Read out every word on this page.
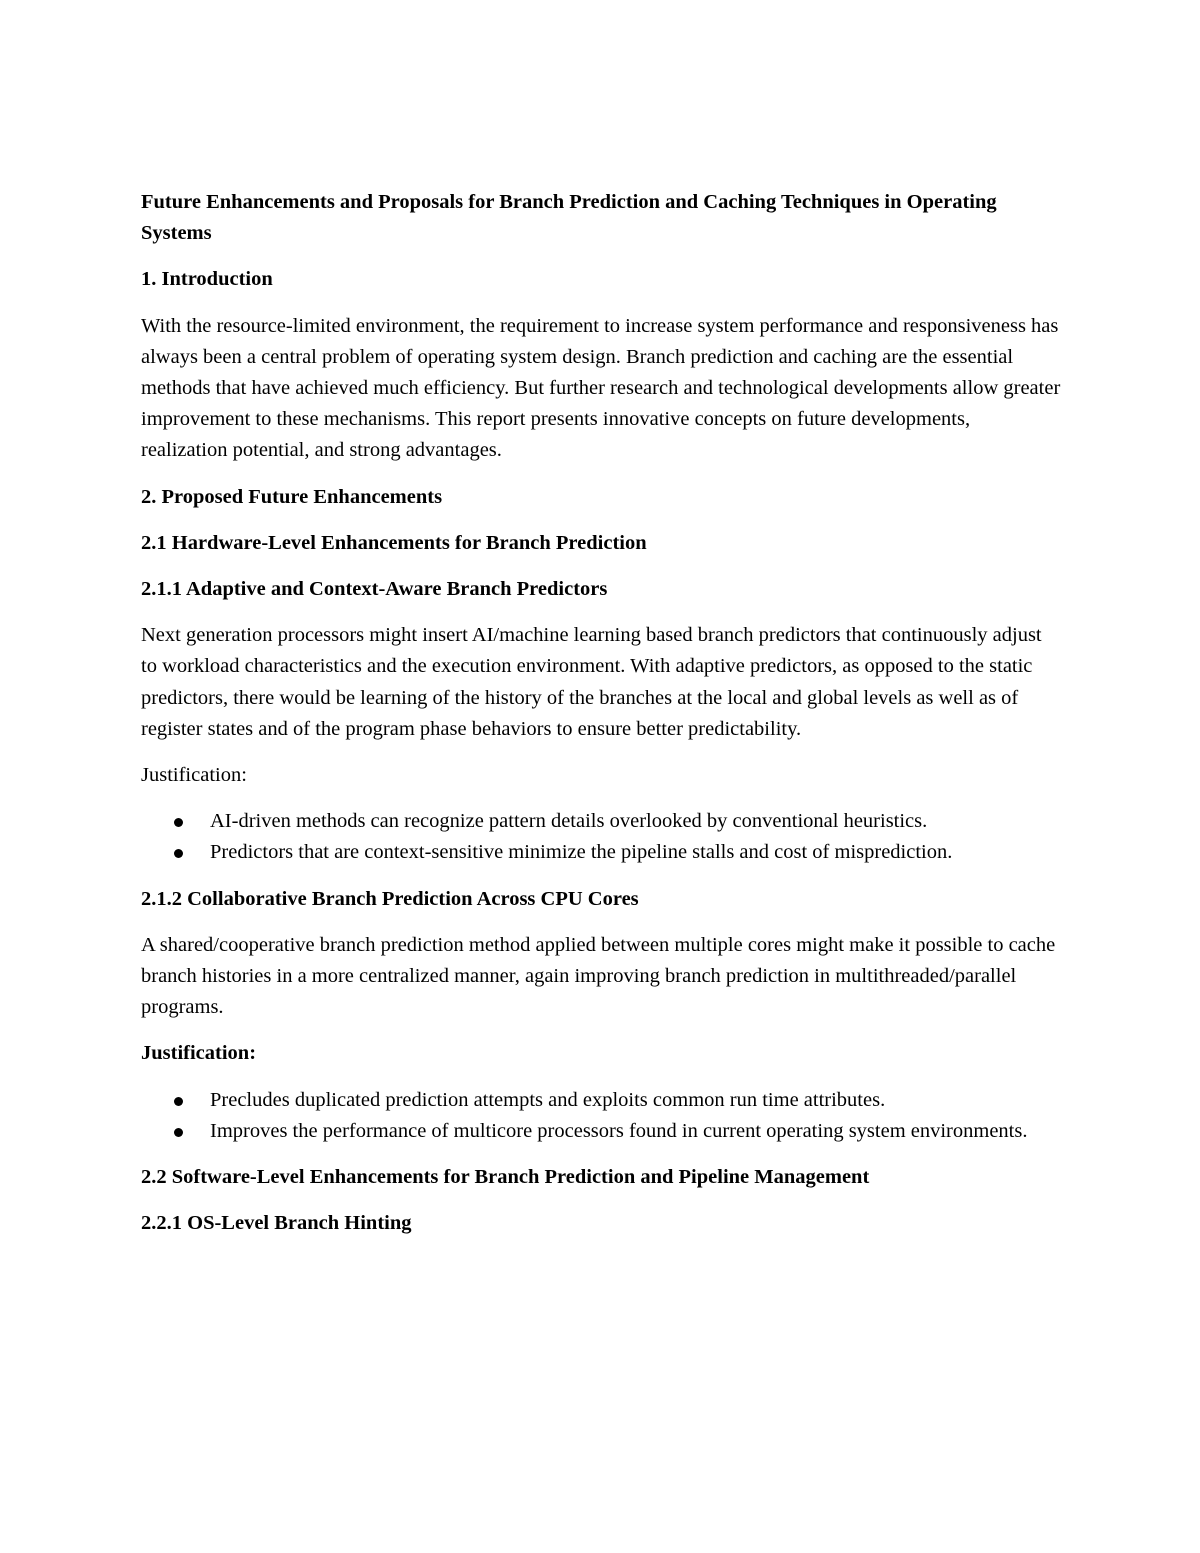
Future Enhancements and Proposals for Branch Prediction and Caching Techniques in Operating Systems
1. Introduction

With the resource-limited environment, the requirement to increase system performance and responsiveness has always been a central problem of operating system design. Branch prediction and caching are the essential methods that have achieved much efficiency. But further research and technological developments allow greater improvement to these mechanisms. This report presents innovative concepts on future developments, realization potential, and strong advantages.

2. Proposed Future Enhancements
2.1 Hardware-Level Enhancements for Branch Prediction
2.1.1 Adaptive and Context-Aware Branch Predictors

Next generation processors might insert AI/machine learning based branch predictors that continuously adjust to workload characteristics and the execution environment. With adaptive predictors, as opposed to the static predictors, there would be learning of the history of the branches at the local and global levels as well as of register states and of the program phase behaviors to ensure better predictability.

Justification:

AI-driven methods can recognize pattern details overlooked by conventional heuristics.
Predictors that are context-sensitive minimize the pipeline stalls and cost of misprediction.
2.1.2 Collaborative Branch Prediction Across CPU Cores

A shared/cooperative branch prediction method applied between multiple cores might make it possible to cache branch histories in a more centralized manner, again improving branch prediction in multithreaded/parallel programs.

Justification:

Precludes duplicated prediction attempts and exploits common run time attributes.
Improves the performance of multicore processors found in current operating system environments.
2.2 Software-Level Enhancements for Branch Prediction and Pipeline Management
2.2.1 OS-Level Branch Hinting
